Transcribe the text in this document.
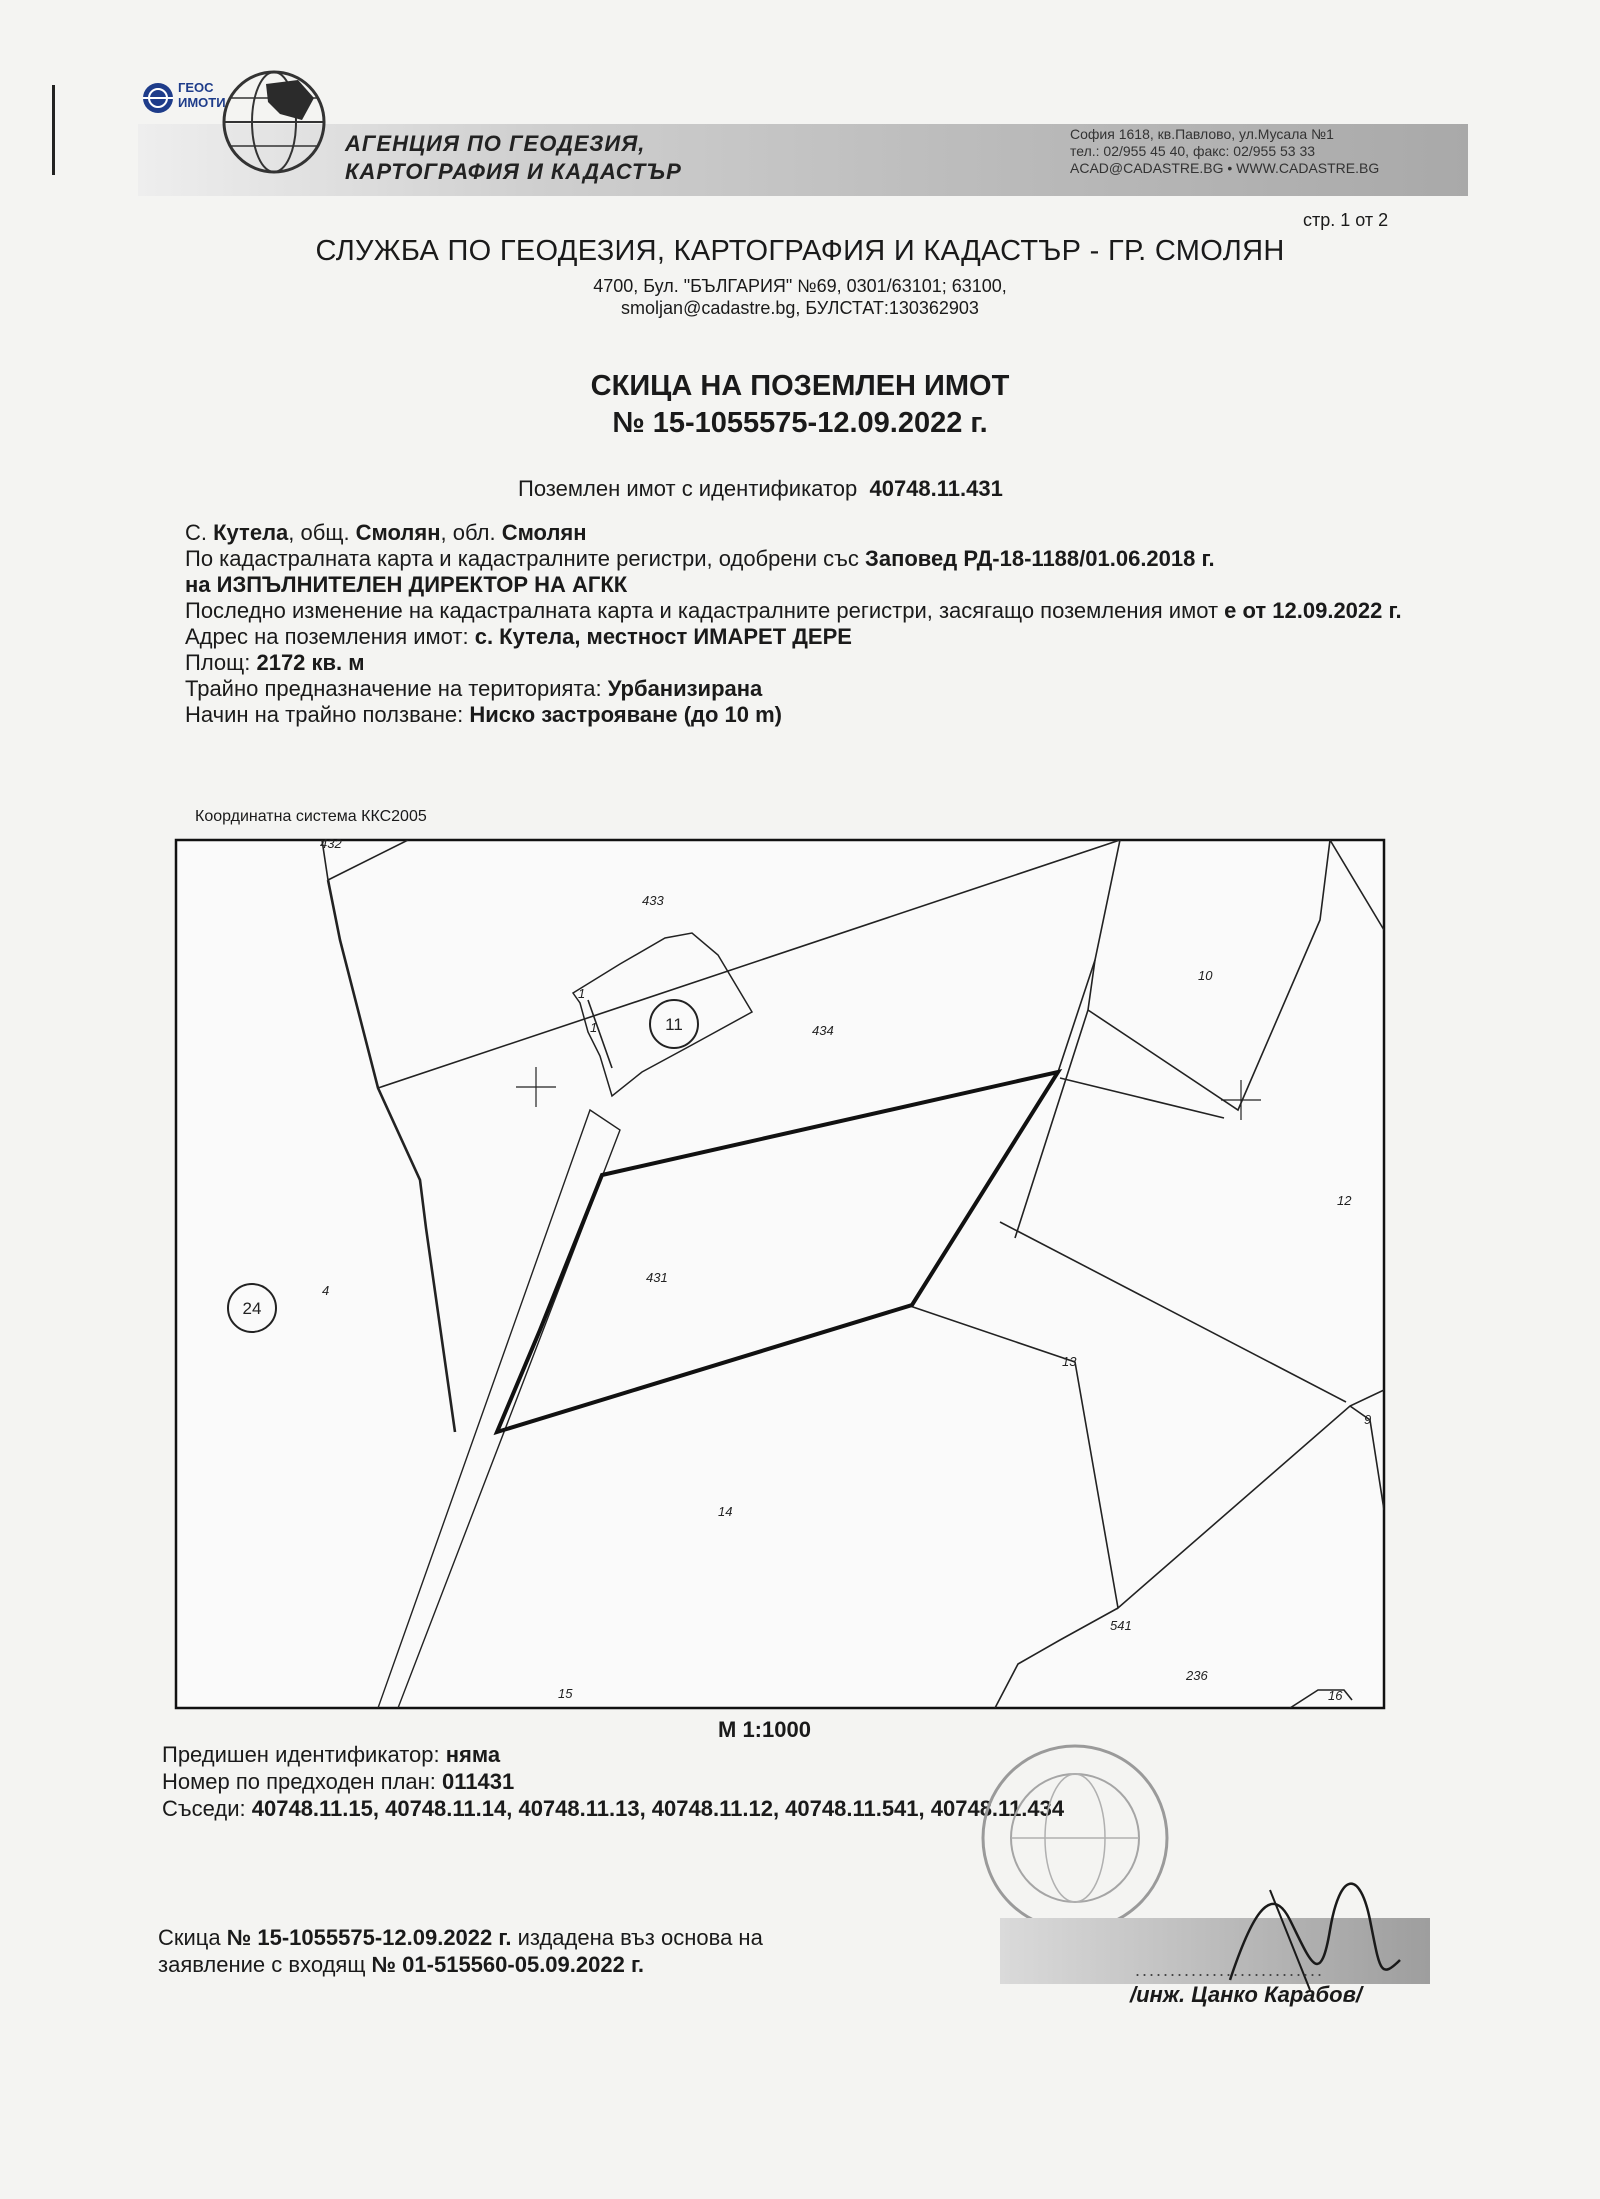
ГЕОС ИМОТИ
АГЕНЦИЯ ПО ГЕОДЕЗИЯ,
КАРТОГРАФИЯ И КАДАСТЪР
София 1618, кв.Павлово, ул.Мусала №1
тел.: 02/955 45 40, факс: 02/955 53 33
ACAD@CADASTRE.BG • WWW.CADASTRE.BG
стр. 1 от 2
СЛУЖБА ПО ГЕОДЕЗИЯ, КАРТОГРАФИЯ И КАДАСТЪР - ГР. СМОЛЯН
4700, Бул. "БЪЛГАРИЯ" №69, 0301/63101; 63100,
smoljan@cadastre.bg, БУЛСТАТ:130362903
СКИЦА НА ПОЗЕМЛЕН ИМОТ
№ 15-1055575-12.09.2022 г.
Поземлен имот с идентификатор 40748.11.431

С. Кутела, общ. Смолян, обл. Смолян

По кадастралната карта и кадастралните регистри, одобрени със Заповед РД-18-1188/01.06.2018 г.
на ИЗПЪЛНИТЕЛЕН ДИРЕКТОР НА АГКК

Последно изменение на кадастралната карта и кадастралните регистри, засягащо поземления имот е от 12.09.2022 г.

Адрес на поземления имот: с. Кутела, местност ИМАРЕТ ДЕРЕ

Площ: 2172 кв. м

Трайно предназначение на територията: Урбанизирана

Начин на трайно ползване: Ниско застрояване (до 10 m)

Координатна система ККС2005
432
433
434
10
12
13
431
4
14
15
541
236
16
9
1
1	11
24
М 1:1000

Предишен идентификатор: няма

Номер по предходен план: 011431

Съседи: 40748.11.15, 40748.11.14, 40748.11.13, 40748.11.12, 40748.11.541, 40748.11.434

Скица № 15-1055575-12.09.2022 г. издадена въз основа на

заявление с входящ № 01-515560-05.09.2022 г.	...........................
/инж. Цанко Карабов/
